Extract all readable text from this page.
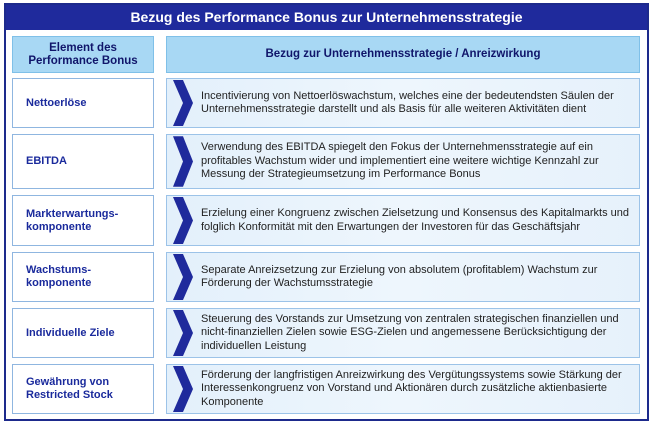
Bezug des Performance Bonus zur Unternehmensstrategie
Element des Performance Bonus
Bezug zur Unternehmensstrategie / Anreizwirkung
Nettoerlöse
Incentivierung von Nettoerlöswachstum, welches eine der bedeutendsten Säulen der Unternehmensstrategie darstellt und als Basis für alle weiteren Aktivitäten dient
EBITDA
Verwendung des EBITDA spiegelt den Fokus der Unternehmensstrategie auf ein profitables Wachstum wider und implementiert eine weitere wichtige Kennzahl zur Messung der Strategieumsetzung im Performance Bonus
Markterwartungs-komponente
Erzielung einer Kongruenz zwischen Zielsetzung und Konsensus des Kapitalmarkts und folglich Konformität mit den Erwartungen der Investoren für das Geschäftsjahr
Wachstums-komponente
Separate Anreizsetzung zur Erzielung von absolutem (profitablem) Wachstum zur Förderung der Wachstumsstrategie
Individuelle Ziele
Steuerung des Vorstands zur Umsetzung von zentralen strategischen finanziellen und nicht-finanziellen Zielen sowie ESG-Zielen und angemessene Berücksichtigung der individuellen Leistung
Gewährung von Restricted Stock
Förderung der langfristigen Anreizwirkung des Vergütungssystems sowie Stärkung der Interessenkongruenz von Vorstand und Aktionären durch zusätzliche aktienbasierte Komponente
